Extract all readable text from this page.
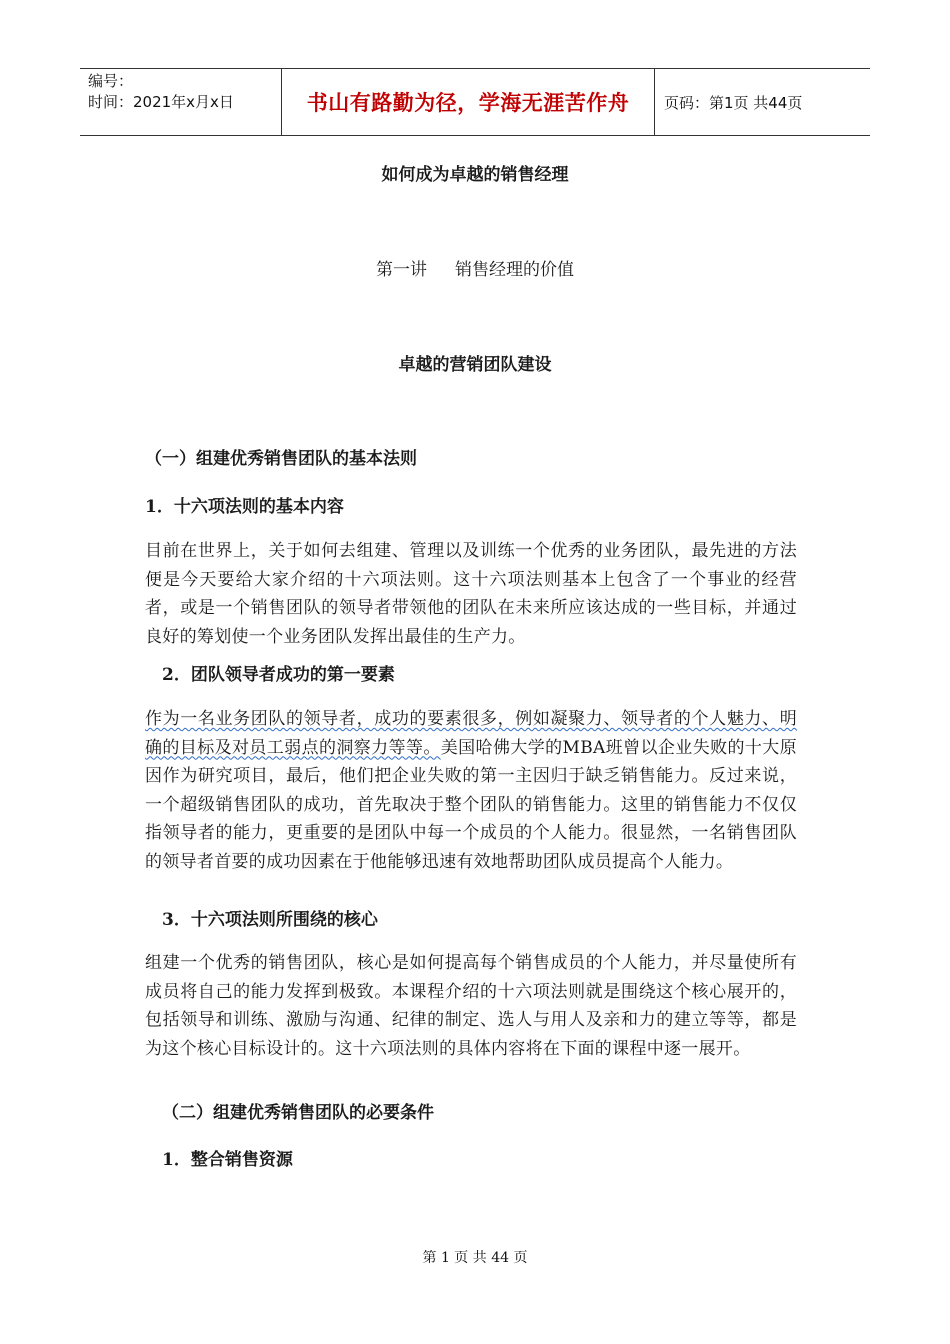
编号：
时间：2021年x月x日	书山有路勤为径，学海无涯苦作舟	页码：第1页 共44页
如何成为卓越的销售经理
第一讲 销售经理的价值
卓越的营销团队建设
（一）组建优秀销售团队的基本法则
1．十六项法则的基本内容
目前在世界上，关于如何去组建、管理以及训练一个优秀的业务团队，最先进的方法便是今天要给大家介绍的十六项法则。这十六项法则基本上包含了一个事业的经营者，或是一个销售团队的领导者带领他的团队在未来所应该达成的一些目标，并通过良好的筹划使一个业务团队发挥出最佳的生产力。
2．团队领导者成功的第一要素
作为一名业务团队的领导者，成功的要素很多，例如凝聚力、领导者的个人魅力、明确的目标及对员工弱点的洞察力等等。美国哈佛大学的MBA班曾以企业失败的十大原因作为研究项目，最后，他们把企业失败的第一主因归于缺乏销售能力。反过来说，一个超级销售团队的成功，首先取决于整个团队的销售能力。这里的销售能力不仅仅指领导者的能力，更重要的是团队中每一个成员的个人能力。很显然，一名销售团队的领导者首要的成功因素在于他能够迅速有效地帮助团队成员提高个人能力。
3．十六项法则所围绕的核心
组建一个优秀的销售团队，核心是如何提高每个销售成员的个人能力，并尽量使所有成员将自己的能力发挥到极致。本课程介绍的十六项法则就是围绕这个核心展开的，包括领导和训练、激励与沟通、纪律的制定、选人与用人及亲和力的建立等等，都是为这个核心目标设计的。这十六项法则的具体内容将在下面的课程中逐一展开。
（二）组建优秀销售团队的必要条件
1．整合销售资源
第 1 页 共 44 页
